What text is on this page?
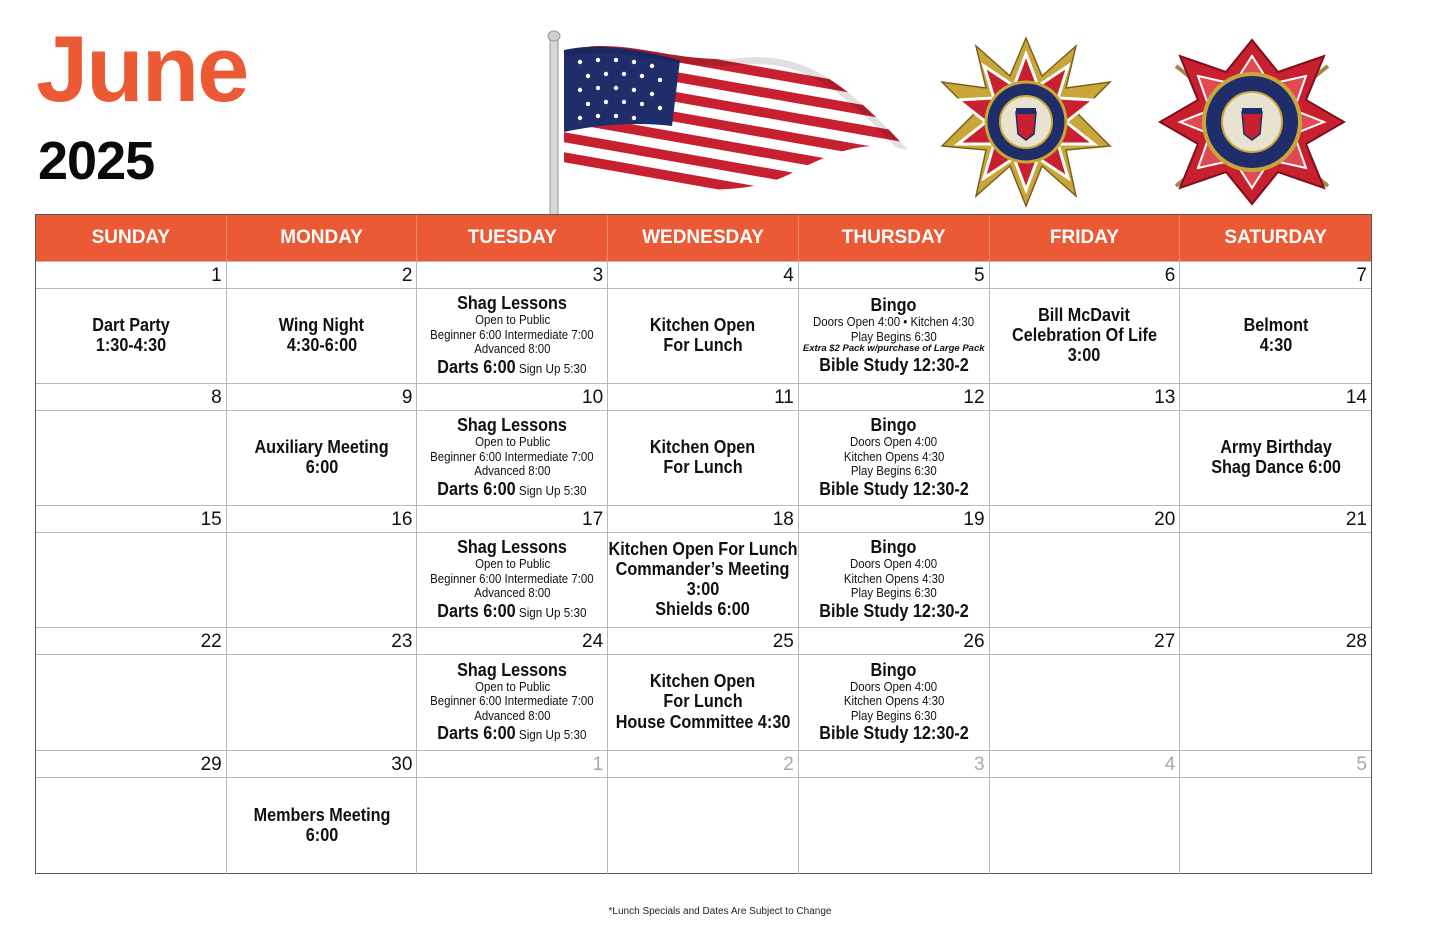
June
2025
SUNDAY	MONDAY	TUESDAY	WEDNESDAY	THURSDAY	FRIDAY	SATURDAY
1
Dart Party
1:30-4:30
2
Wing Night
4:30-6:00
3
Shag Lessons
Open to Public
Beginner 6:00 Intermediate 7:00
Advanced 8:00
Darts 6:00 Sign Up 5:30
4
Kitchen Open
For Lunch
5
Bingo
Doors Open 4:00 • Kitchen 4:30
Play Begins 6:30
Extra $2 Pack w/purchase of Large Pack
Bible Study 12:30-2
6
Bill McDavit
Celebration Of Life
3:00
7
Belmont
4:30
8	9
Auxiliary Meeting
6:00
10
Shag Lessons
Open to Public
Beginner 6:00 Intermediate 7:00
Advanced 8:00
Darts 6:00 Sign Up 5:30
11
Kitchen Open
For Lunch
12
Bingo
Doors Open 4:00
Kitchen Opens 4:30
Play Begins 6:30
Bible Study 12:30-2
13	14
Army Birthday
Shag Dance 6:00
15	16	17
Shag Lessons
Open to Public
Beginner 6:00 Intermediate 7:00
Advanced 8:00
Darts 6:00 Sign Up 5:30
18
Kitchen Open For Lunch
Commander’s Meeting
3:00
Shields 6:00
19
Bingo
Doors Open 4:00
Kitchen Opens 4:30
Play Begins 6:30
Bible Study 12:30-2
20	21
22	23	24
Shag Lessons
Open to Public
Beginner 6:00 Intermediate 7:00
Advanced 8:00
Darts 6:00 Sign Up 5:30
25
Kitchen Open
For Lunch
House Committee 4:30
26
Bingo
Doors Open 4:00
Kitchen Opens 4:30
Play Begins 6:30
Bible Study 12:30-2
27	28
29	30
Members Meeting
6:00
1	2	3	4	5
*Lunch Specials and Dates Are Subject to Change
